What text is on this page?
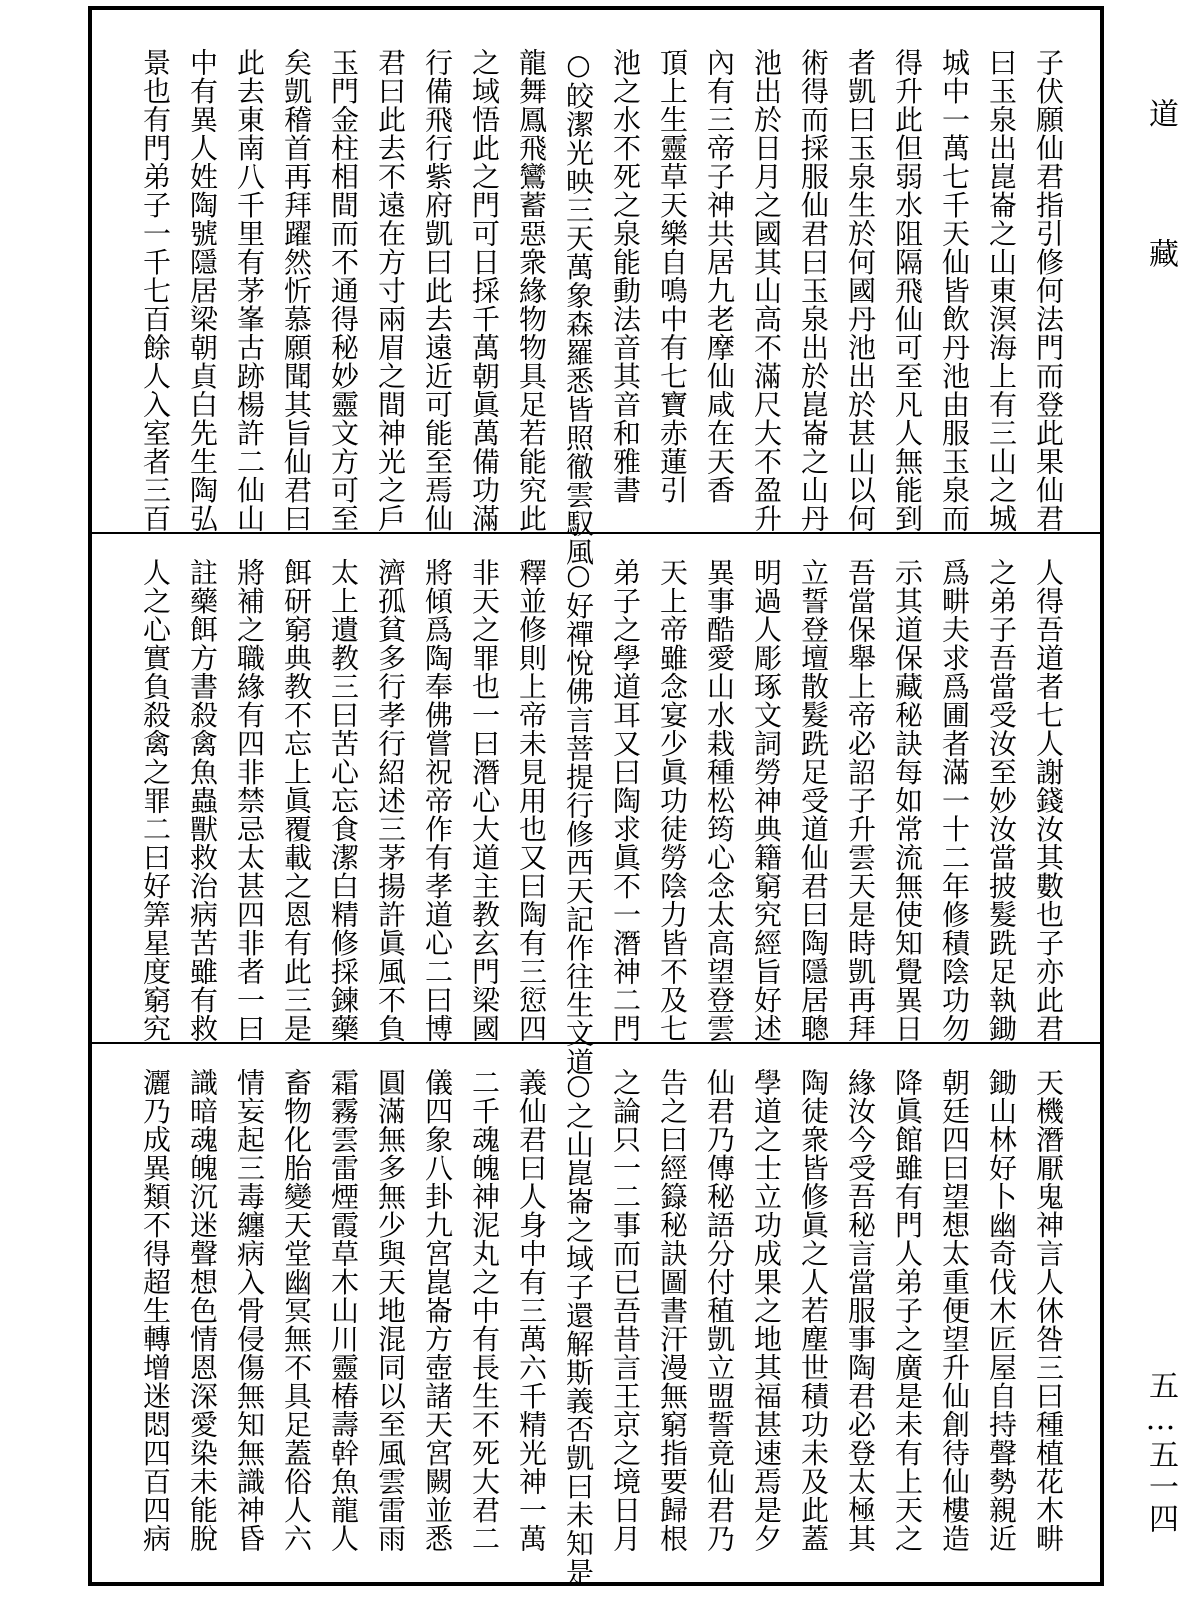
子伏願仙君指引修何法門而登此果仙君
曰玉泉出崑崙之山東溟海上有三山之城
城中一萬七千天仙皆飲丹池由服玉泉而
得升此但弱水阻隔飛仙可至凡人無能到
者凱曰玉泉生於何國丹池出於甚山以何
術得而採服仙君曰玉泉出於崑崙之山丹
池出於日月之國其山高不滿尺大不盈升
內有三帝子神共居九老摩仙咸在天香
頂上生靈草天樂自鳴中有七寶赤蓮引
池之水不死之泉能動法音其音和雅書
○皎潔光映三天萬象森羅悉皆照徹雲馭風
龍舞鳳飛鸞蓄惡衆緣物物具足若能究此
之域悟此之門可日採千萬朝眞萬備功滿
行備飛行紫府凱曰此去遠近可能至焉仙
君曰此去不遠在方寸兩眉之間神光之戶
玉門金柱相間而不通得秘妙靈文方可至
矣凱稽首再拜躍然忻慕願聞其旨仙君曰
此去東南八千里有茅峯古跡楊許二仙山
中有異人姓陶號隱居梁朝貞白先生陶弘
景也有門弟子一千七百餘人入室者三百
人得吾道者七人謝錢汝其數也子亦此君
之弟子吾當受汝至妙汝當披髮跣足執鋤
爲畊夫求爲圃者滿一十二年修積陰功勿
示其道保藏秘訣每如常流無使知覺異日
吾當保舉上帝必詔子升雲天是時凱再拜
立誓登壇散髮跣足受道仙君曰陶隱居聰
明過人彫琢文詞勞神典籍窮究經旨好述
異事酷愛山水栽種松筠心念太高望登雲
天上帝雖念宴少眞功徒勞陰力皆不及七
弟子之學道耳又曰陶求眞不一潛神二門
○好禪悅佛言菩提行修西天記作往生文道
釋並修則上帝未見用也又曰陶有三愆四
非天之罪也一曰潛心大道主教玄門梁國
將傾爲陶奉佛嘗祝帝作有孝道心二曰博
濟孤貧多行孝行紹述三茅揚許眞風不負
太上遺教三曰苦心忘食潔白精修採鍊藥
餌研窮典教不忘上眞覆載之恩有此三是
將補之職緣有四非禁忌太甚四非者一曰
註藥餌方書殺禽魚蟲獸救治病苦雖有救
人之心實負殺禽之罪二曰好筭星度窮究
天機潛厭鬼神言人休咎三曰種植花木畊
鋤山林好卜幽奇伐木匠屋自持聲勢親近
朝廷四曰望想太重便望升仙創待仙樓造
降眞館雖有門人弟子之廣是未有上天之
緣汝今受吾秘言當服事陶君必登太極其
陶徒衆皆修眞之人若塵世積功未及此蓋
學道之士立功成果之地其福甚速焉是夕
仙君乃傳秘語分付稙凱立盟誓竟仙君乃
告之曰經籙秘訣圖書汗漫無窮指要歸根
之論只一二事而已吾昔言王京之境日月
○之山崑崙之域子還解斯義否凱曰未知是
義仙君曰人身中有三萬六千精光神一萬
二千魂魄神泥丸之中有長生不死大君二
儀四象八卦九宮崑崙方壺諸天宮闕並悉
圓滿無多無少與天地混同以至風雲雷雨
霜霧雲雷煙霞草木山川靈椿壽幹魚龍人
畜物化胎變天堂幽冥無不具足蓋俗人六
情妄起三毒纏病入骨侵傷無知無識神昏
識暗魂魄沉迷聲想色情恩深愛染未能脫
灑乃成異類不得超生轉增迷悶四百四病
道
藏
五…五一四
